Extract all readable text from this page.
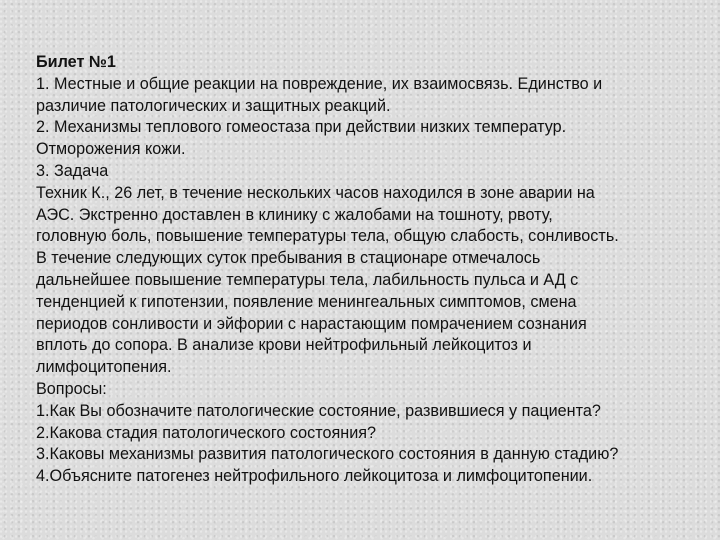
Билет №1
1. Местные и общие реакции на повреждение, их взаимосвязь. Единство и
различие патологических и защитных реакций.
2. Механизмы теплового гомеостаза при действии низких температур.
Отморожения кожи.
3. Задача
Техник К., 26 лет, в течение нескольких часов находился в зоне аварии на
АЭС. Экстренно доставлен в клинику с жалобами на тошноту, рвоту,
головную боль, повышение температуры тела, общую слабость, сонливость.
В течение следующих суток пребывания в стационаре отмечалось
дальнейшее повышение температуры тела, лабильность пульса и АД с
тенденцией к гипотензии, появление менингеальных симптомов, смена
периодов сонливости и эйфории с нарастающим помрачением сознания
вплоть до сопора. В анализе крови нейтрофильный лейкоцитоз и
лимфоцитопения.
Вопросы:
1.Как Вы обозначите патологические состояние, развившиеся у пациента?
2.Какова стадия патологического состояния?
3.Каковы механизмы развития патологического состояния в данную стадию?
4.Объясните патогенез нейтрофильного лейкоцитоза и лимфоцитопении.
